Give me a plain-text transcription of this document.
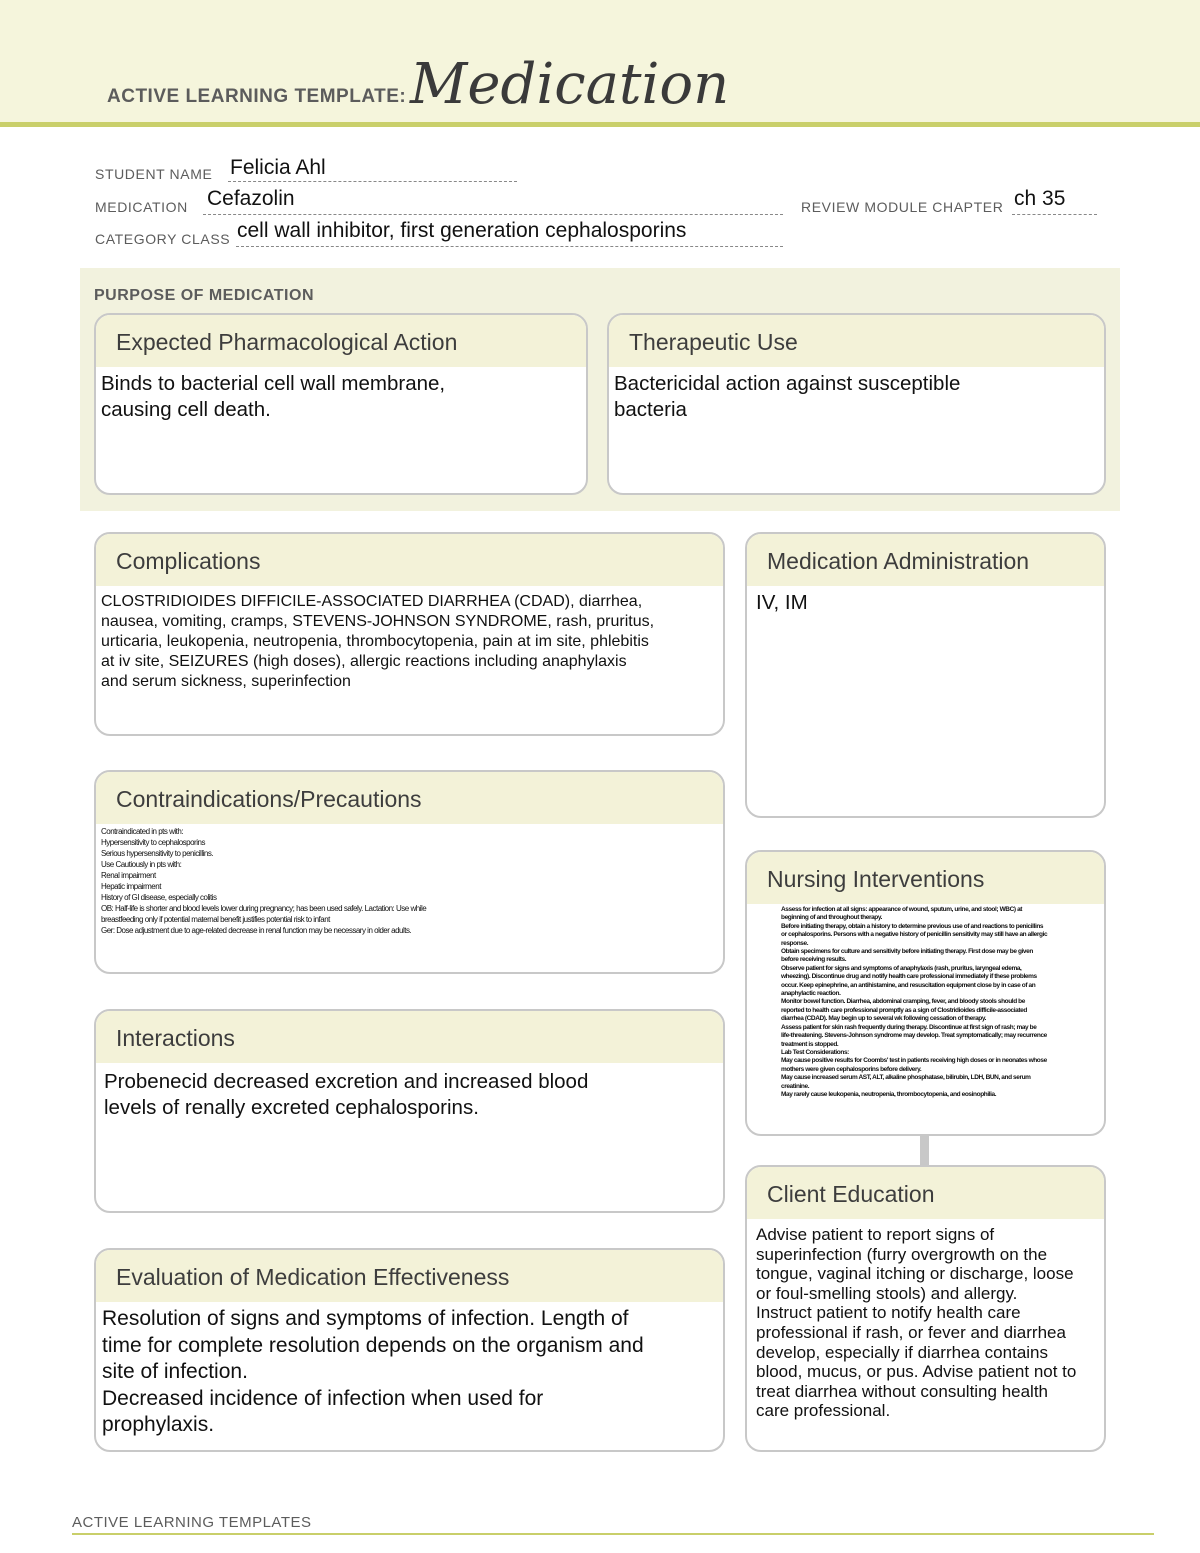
ACTIVE LEARNING TEMPLATE: Medication
STUDENT NAME Felicia Ahl
MEDICATION Cefazolin	REVIEW MODULE CHAPTER ch 35
CATEGORY CLASS cell wall inhibitor, first generation cephalosporins
PURPOSE OF MEDICATION
Expected Pharmacological Action
Binds to bacterial cell wall membrane,
causing cell death.
Therapeutic Use
Bactericidal action against susceptible
bacteria
Complications
CLOSTRIDIOIDES DIFFICILE-ASSOCIATED DIARRHEA (CDAD), diarrhea,
nausea, vomiting, cramps, STEVENS-JOHNSON SYNDROME, rash, pruritus,
urticaria, leukopenia, neutropenia, thrombocytopenia, pain at im site, phlebitis
at iv site, SEIZURES (high doses), allergic reactions including anaphylaxis
and serum sickness, superinfection
Medication Administration
IV, IM
Contraindications/Precautions
Contraindicated in pts with:
Hypersensitivity to cephalosporins
Serious hypersensitivity to penicillins.
Use Cautiously in pts with:
Renal impairment
Hepatic impairment
History of GI disease, especially colitis
OB: Half-life is shorter and blood levels lower during pregnancy; has been used safely. Lactation: Use while
breastfeeding only if potential maternal benefit justifies potential risk to infant
Ger: Dose adjustment due to age-related decrease in renal function may be necessary in older adults.
Nursing Interventions
Assess for infection at all signs: appearance of wound, sputum, urine, and stool; WBC) at
beginning of and throughout therapy.
Before initiating therapy, obtain a history to determine previous use of and reactions to penicillins
or cephalosporins. Persons with a negative history of penicillin sensitivity may still have an allergic
response.
Obtain specimens for culture and sensitivity before initiating therapy. First dose may be given
before receiving results.
Observe patient for signs and symptoms of anaphylaxis (rash, pruritus, laryngeal edema,
wheezing). Discontinue drug and notify health care professional immediately if these problems
occur. Keep epinephrine, an antihistamine, and resuscitation equipment close by in case of an
anaphylactic reaction.
Monitor bowel function. Diarrhea, abdominal cramping, fever, and bloody stools should be
reported to health care professional promptly as a sign of Clostridioides difficile-associated
diarrhea (CDAD). May begin up to several wk following cessation of therapy.
Assess patient for skin rash frequently during therapy. Discontinue at first sign of rash; may be
life-threatening. Stevens-Johnson syndrome may develop. Treat symptomatically; may recurrence
treatment is stopped.
Lab Test Considerations:
May cause positive results for Coombs' test in patients receiving high doses or in neonates whose
mothers were given cephalosporins before delivery.
May cause increased serum AST, ALT, alkaline phosphatase, bilirubin, LDH, BUN, and serum
creatinine.
May rarely cause leukopenia, neutropenia, thrombocytopenia, and eosinophilia.
Interactions
Probenecid decreased excretion and increased blood
levels of renally excreted cephalosporins.
Client Education
Advise patient to report signs of
superinfection (furry overgrowth on the
tongue, vaginal itching or discharge, loose
or foul-smelling stools) and allergy.
Instruct patient to notify health care
professional if rash, or fever and diarrhea
develop, especially if diarrhea contains
blood, mucus, or pus. Advise patient not to
treat diarrhea without consulting health
care professional.
Evaluation of Medication Effectiveness
Resolution of signs and symptoms of infection. Length of
time for complete resolution depends on the organism and
site of infection.
Decreased incidence of infection when used for
prophylaxis.
ACTIVE LEARNING TEMPLATES
